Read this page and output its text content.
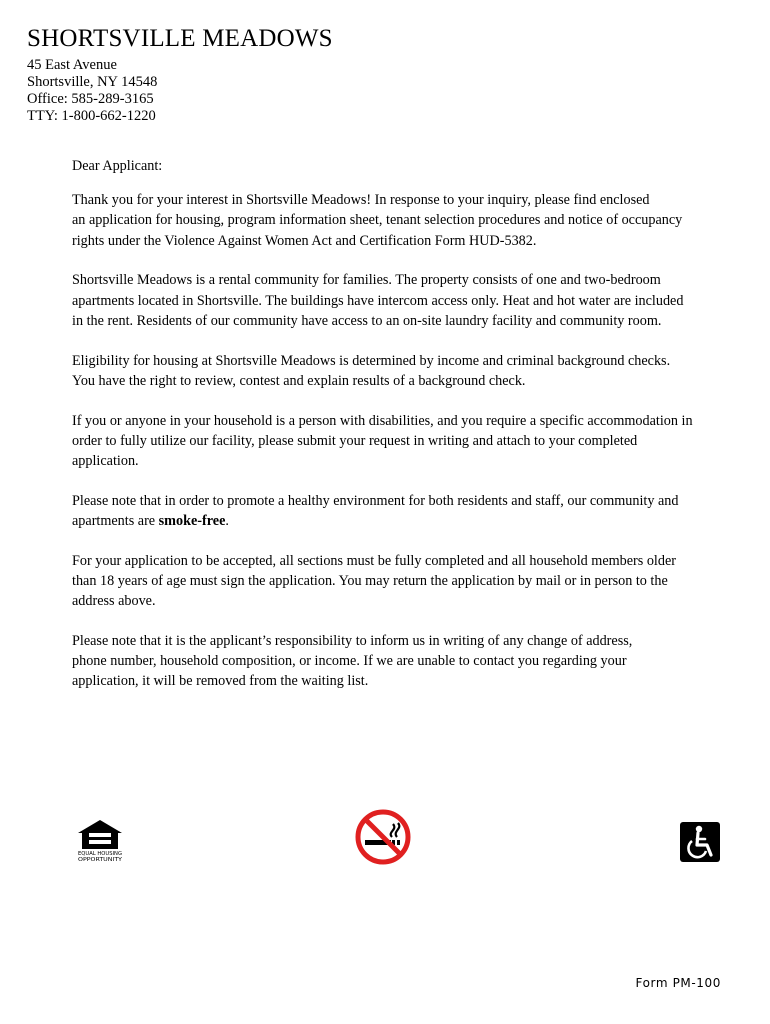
SHORTSVILLE MEADOWS

45 East Avenue

Shortsville, NY 14548

Office: 585-289-3165

TTY: 1-800-662-1220

Dear Applicant:

Thank you for your interest in Shortsville Meadows! In response to your inquiry, please find enclosed
an application for housing, program information sheet, tenant selection procedures and notice of occupancy
rights under the Violence Against Women Act and Certification Form HUD-5382.

Shortsville Meadows is a rental community for families. The property consists of one and two-bedroom
apartments located in Shortsville. The buildings have intercom access only. Heat and hot water are included
in the rent. Residents of our community have access to an on-site laundry facility and community room.

Eligibility for housing at Shortsville Meadows is determined by income and criminal background checks.
You have the right to review, contest and explain results of a background check.

If you or anyone in your household is a person with disabilities, and you require a specific accommodation in
order to fully utilize our facility, please submit your request in writing and attach to your completed
application.

Please note that in order to promote a healthy environment for both residents and staff, our community and
apartments are smoke-free.

For your application to be accepted, all sections must be fully completed and all household members older
than 18 years of age must sign the application. You may return the application by mail or in person to the
address above.

Please note that it is the applicant’s responsibility to inform us in writing of any change of address,
phone number, household composition, or income. If we are unable to contact you regarding your
application, it will be removed from the waiting list.

EQUAL HOUSING
OPPORTUNITY
Form PM-100
